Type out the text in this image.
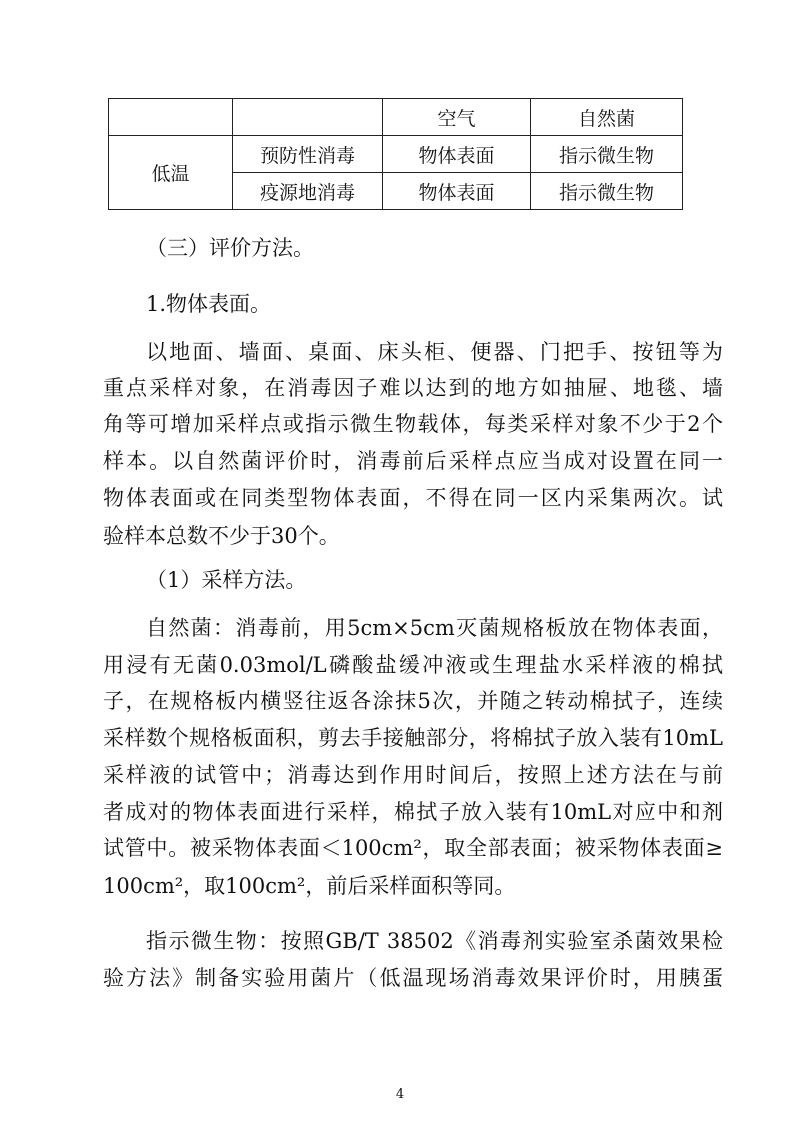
		空气	自然菌
低温	预防性消毒	物体表面	指示微生物
	疫源地消毒	物体表面	指示微生物
（三）评价方法。
1.物体表面。
以地面、墙面、桌面、床头柜、便器、门把手、按钮等为
重点采样对象，在消毒因子难以达到的地方如抽屉、地毯、墙
角等可增加采样点或指示微生物载体，每类采样对象不少于2个
样本。以自然菌评价时，消毒前后采样点应当成对设置在同一
物体表面或在同类型物体表面，不得在同一区内采集两次。试
验样本总数不少于30个。
（1）采样方法。
自然菌：消毒前，用5cm×5cm灭菌规格板放在物体表面，
用浸有无菌0.03mol/L磷酸盐缓冲液或生理盐水采样液的棉拭
子，在规格板内横竖往返各涂抹5次，并随之转动棉拭子，连续
采样数个规格板面积，剪去手接触部分，将棉拭子放入装有10mL
采样液的试管中；消毒达到作用时间后，按照上述方法在与前
者成对的物体表面进行采样，棉拭子放入装有10mL对应中和剂
试管中。被采物体表面＜100cm²，取全部表面；被采物体表面≥
100cm²，取100cm²，前后采样面积等同。
指示微生物：按照GB/T 38502《消毒剂实验室杀菌效果检
验方法》制备实验用菌片（低温现场消毒效果评价时，用胰蛋
4
